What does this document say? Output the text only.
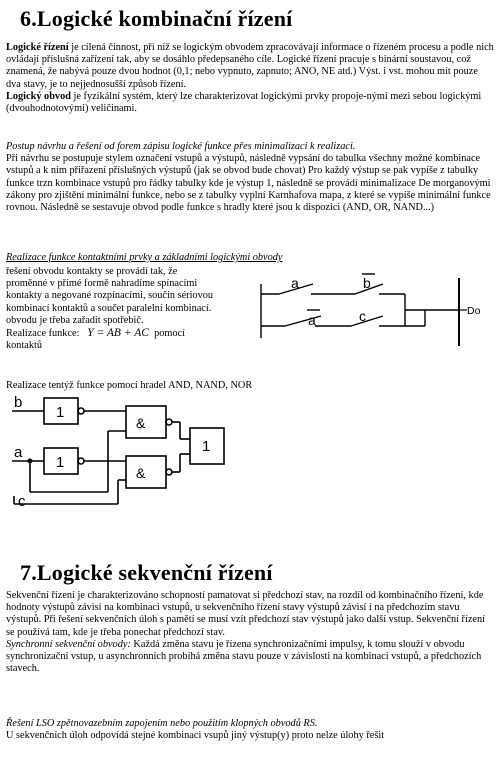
6.Logické kombinační řízení

Logické řízení je cílená činnost, při níž se logickým obvodem zpracovávají informace o řízeném procesu a podle nich ovládají příslušná zařízení tak, aby se dosáhlo předepsaného cíle. Logické řízení pracuje s binární soustavou, což znamená, že nabývá pouze dvou hodnot (0,1; nebo vypnuto, zapnuto; ANO, NE atd.) Výst. i vst. mohou mít pouze dva stavy, je to nejjednosušší způsob řízení.
Logický obvod je fyzikální systém, který lze charakterizovat logickými prvky propoje-nými mezi sebou logickými (dvouhodnotovými) veličinami.

Postup návrhu a řešení od forem zápisu logické funkce přes minimalizaci k realizaci.
Při návrhu se postupuje stylem označení vstupů a výstupů, následně vypsání do tabulka všechny možné kombinace vstupů a k nim přiřazení příslušných výstupů (jak se obvod bude chovat) Pro každý výstup se pak vypíše z tabulky funkce trzn kombinace vstupů pro řádky tabulky kde je výstup 1, následně se provádí minimalizace De morganovými zákony pro zjištění minimální funkce, nebo se z tabulky vyplní Karnhafova mapa, z které se vypíše minimální funkce rovnou. Následně se sestavuje obvod podle funkce s hradly které jsou k dispozici (AND, OR, NAND...)

Realizace funkce kontaktními prvky a základními logickými obvody

řešení obvodu kontakty se provádí tak, že proměnné v přímé formě nahradíme spínacími kontakty a negované rozpínacími, součin sériovou kombinací kontaktů a součet paralelní kombinací. obvodu je třeba zařadit spotřebič.
Realizace funkce: Y = AB + AC pomocí
kontaktů

a	b
a	c	Do

Realizace tentýž funkce pomocí hradel AND, NAND, NOR

b
a
c
1
&
1
&
1
7.Logické sekvenční řízení

Sekvenční řízení je charakterizováno schopností pamatovat si předchozí stav, na rozdíl od kombinačního řízení, kde hodnoty výstupů závisí na kombinaci vstupů, u sekvenčního řízení stavy výstupů závisí i na předchozím stavu výstupů. Při řešení sekvenčních úloh s pamětí se musí vzít předchozí stav výstupů jako další vstup. Sekvenční řízení se používá tam, kde je třeba ponechat předchozí stav.
Synchronní sekvenční obvody: Každá změna stavu je řízena synchronizačními impulsy, k tomu slouží v obvodu synchronizační vstup, u asynchronních probíhá změna stavu pouze v závislosti na kombinaci vstupů, a předchozích stavech.

Řešení LSO zpětnovazebním zapojením nebo použitím klopných obvodů RS.
U sekvenčních úloh odpovídá stejné kombinaci vsupů jiný výstup(y) proto nelze úlohy řešit
